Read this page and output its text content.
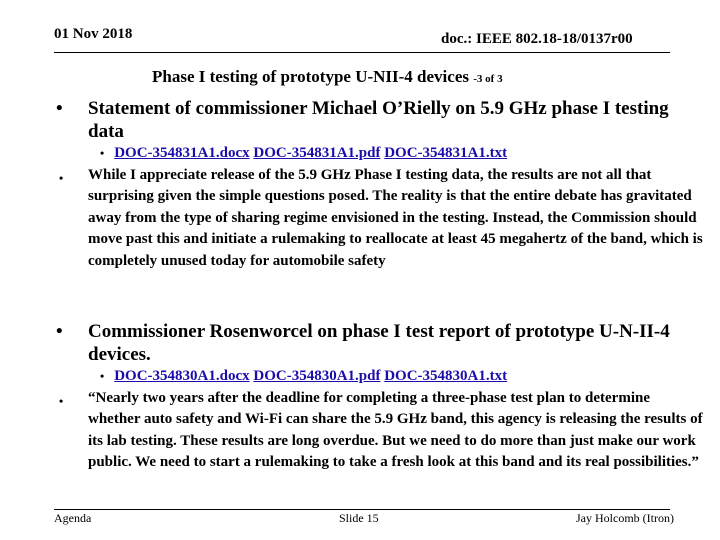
01 Nov 2018	doc.: IEEE 802.18-18/0137r00
Phase I testing of prototype U-NII-4 devices -3 of 3
• Statement of commissioner Michael O’Rielly on 5.9 GHz phase I testing data
• DOC-354831A1.docx DOC-354831A1.pdf DOC-354831A1.txt
• While I appreciate release of the 5.9 GHz Phase I testing data, the results are not all that surprising given the simple questions posed. The reality is that the entire debate has gravitated away from the type of sharing regime envisioned in the testing. Instead, the Commission should move past this and initiate a rulemaking to reallocate at least 45 megahertz of the band, which is completely unused today for automobile safety
• Commissioner Rosenworcel on phase I test report of prototype U-N-II-4 devices.
• DOC-354830A1.docx DOC-354830A1.pdf DOC-354830A1.txt
• “Nearly two years after the deadline for completing a three-phase test plan to determine whether auto safety and Wi-Fi can share the 5.9 GHz band, this agency is releasing the results of its lab testing. These results are long overdue. But we need to do more than just make our work public. We need to start a rulemaking to take a fresh look at this band and its real possibilities.”
Agenda	Slide 15	Jay Holcomb (Itron)
